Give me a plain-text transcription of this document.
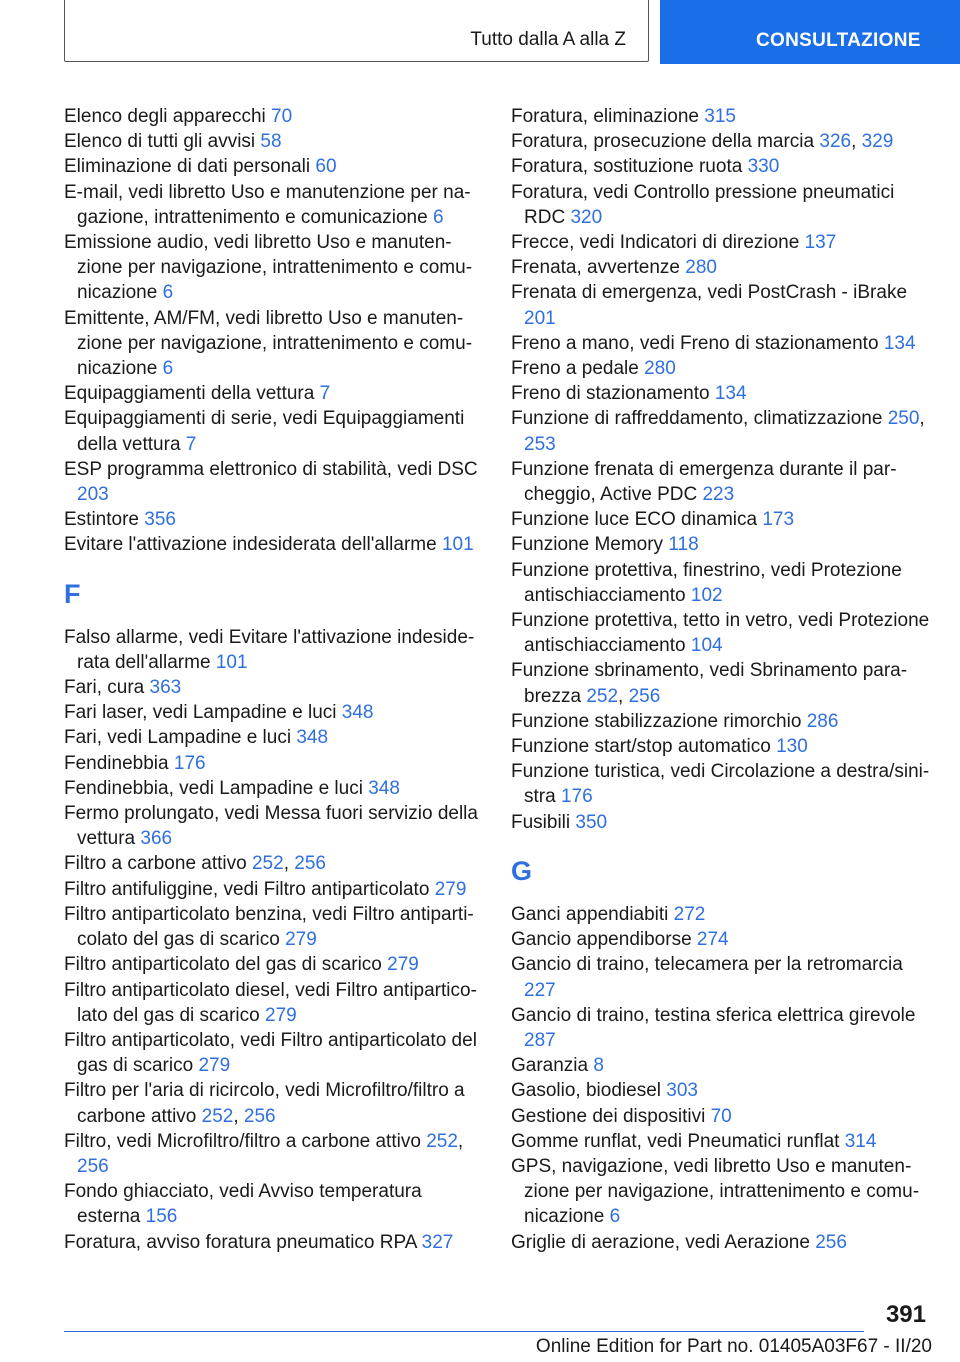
Tutto dalla A alla Z	CONSULTAZIONE
Elenco degli apparecchi 70
Elenco di tutti gli avvisi 58
Eliminazione di dati personali 60
E-mail, vedi libretto Uso e manutenzione per nagazione, intrattenimento e comunicazione 6
Emissione audio, vedi libretto Uso e manutenzione per navigazione, intrattenimento e comunicazione 6
Emittente, AM/FM, vedi libretto Uso e manutenzione per navigazione, intrattenimento e comunicazione 6
Equipaggiamenti della vettura 7
Equipaggiamenti di serie, vedi Equipaggiamenti della vettura 7
ESP programma elettronico di stabilità, vedi DSC 203
Estintore 356
Evitare l'attivazione indesiderata dell'allarme 101
F
Falso allarme, vedi Evitare l'attivazione indesiderata dell'allarme 101
Fari, cura 363
Fari laser, vedi Lampadine e luci 348
Fari, vedi Lampadine e luci 348
Fendinebbia 176
Fendinebbia, vedi Lampadine e luci 348
Fermo prolungato, vedi Messa fuori servizio della vettura 366
Filtro a carbone attivo 252, 256
Filtro antifuliggine, vedi Filtro antiparticolato 279
Filtro antiparticolato benzina, vedi Filtro antiparticolato del gas di scarico 279
Filtro antiparticolato del gas di scarico 279
Filtro antiparticolato diesel, vedi Filtro antiparticolato del gas di scarico 279
Filtro antiparticolato, vedi Filtro antiparticolato del gas di scarico 279
Filtro per l'aria di ricircolo, vedi Microfiltro/filtro a carbone attivo 252, 256
Filtro, vedi Microfiltro/filtro a carbone attivo 252, 256
Fondo ghiacciato, vedi Avviso temperatura esterna 156
Foratura, avviso foratura pneumatico RPA 327
Foratura, eliminazione 315
Foratura, prosecuzione della marcia 326, 329
Foratura, sostituzione ruota 330
Foratura, vedi Controllo pressione pneumatici RDC 320
Frecce, vedi Indicatori di direzione 137
Frenata, avvertenze 280
Frenata di emergenza, vedi PostCrash - iBrake 201
Freno a mano, vedi Freno di stazionamento 134
Freno a pedale 280
Freno di stazionamento 134
Funzione di raffreddamento, climatizzazione 250, 253
Funzione frenata di emergenza durante il parcheggio, Active PDC 223
Funzione luce ECO dinamica 173
Funzione Memory 118
Funzione protettiva, finestrino, vedi Protezione antischiacciamento 102
Funzione protettiva, tetto in vetro, vedi Protezione antischiacciamento 104
Funzione sbrinamento, vedi Sbrinamento parabrezza 252, 256
Funzione stabilizzazione rimorchio 286
Funzione start/stop automatico 130
Funzione turistica, vedi Circolazione a destra/sinistra 176
Fusibili 350
G
Ganci appendiabiti 272
Gancio appendiborse 274
Gancio di traino, telecamera per la retromarcia 227
Gancio di traino, testina sferica elettrica girevole 287
Garanzia 8
Gasolio, biodiesel 303
Gestione dei dispositivi 70
Gomme runflat, vedi Pneumatici runflat 314
GPS, navigazione, vedi libretto Uso e manutenzione per navigazione, intrattenimento e comunicazione 6
Griglie di aerazione, vedi Aerazione 256
391
Online Edition for Part no. 01405A03F67 - II/20
